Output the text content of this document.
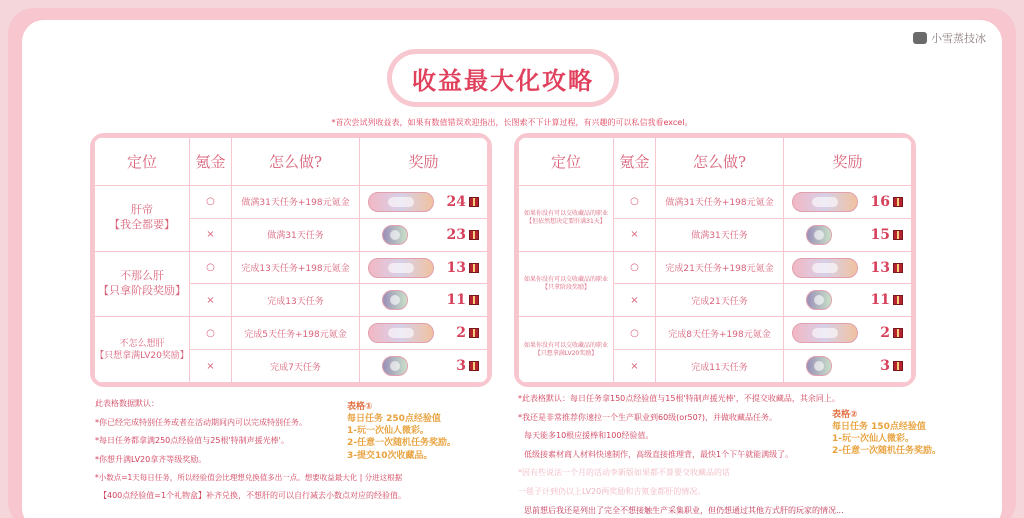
小雪蒸技冰
收益最大化攻略
*首次尝试列收益表，如果有数值错误欢迎指出，长图索不下计算过程，有兴趣的可以私信我看excel。
定位	氪金	怎么做?	奖励
肝帝
【我全都要】	○	做满31天任务+198元氪金	24

	×	做满31天任务	23

不那么肝
【只拿阶段奖励】	○	完成13天任务+198元氪金	13

	×	完成13天任务	11

不怎么想肝
【只想拿满LV20奖励】	○	完成5天任务+198元氪金	2

	×	完成7天任务	3
定位	氪金	怎么做?	奖励
如果你没有可以交收藏品的职业
【但依然想决定要肝满31天】	○	做满31天任务+198元氪金	16

	×	做满31天任务	15

如果你没有可以交收藏品的职业
【只拿阶段奖励】	○	完成21天任务+198元氪金	13

	×	完成21天任务	11

如果你没有可以交收藏品的职业
【只想拿满LV20奖励】	○	完成8天任务+198元氪金	2

	×	完成11天任务	3
此表格数据默认：
*你已经完成特别任务或者在活动期间内可以完成特别任务。
*每日任务都拿满250点经验值与25根'特制声援光棒'。
*你想升满LV20拿齐等级奖励。
*小数点=1天每日任务，所以经验值会比理想兑换值多出一点。想要收益最大化 | 分进这根据
【400点经验值=1个礼物盒】补齐兑换，不想肝的可以自行减去小数点对应的经验值。
表格①
每日任务 250点经验值
1-玩一次仙人微彩。
2-任意一次随机任务奖励。
3-提交10次收藏品。
*此表格默认：每日任务拿150点经验值与15根'特制声援光棒'，不提交收藏品，其余同上。
*我还是非常推荐你速拉一个生产职业到60级(or50?)，并做收藏品任务。
每天能多10根应援棒和100经验值。
低级接素材商人材料快速制作，高级直接推理背，最快1个下午就能满级了。
*因有些说法一个月的活动李新版如果都不算要交收藏品的话
一毯子计到仍以上LV20两奖励和吉氪金都肝的情况。
思前想后我还是列出了完全不想接触生产采集职业，但仍想通过其他方式肝的玩家的情况...
表格②
每日任务 150点经验值
1-玩一次仙人微彩。
2-任意一次随机任务奖励。
